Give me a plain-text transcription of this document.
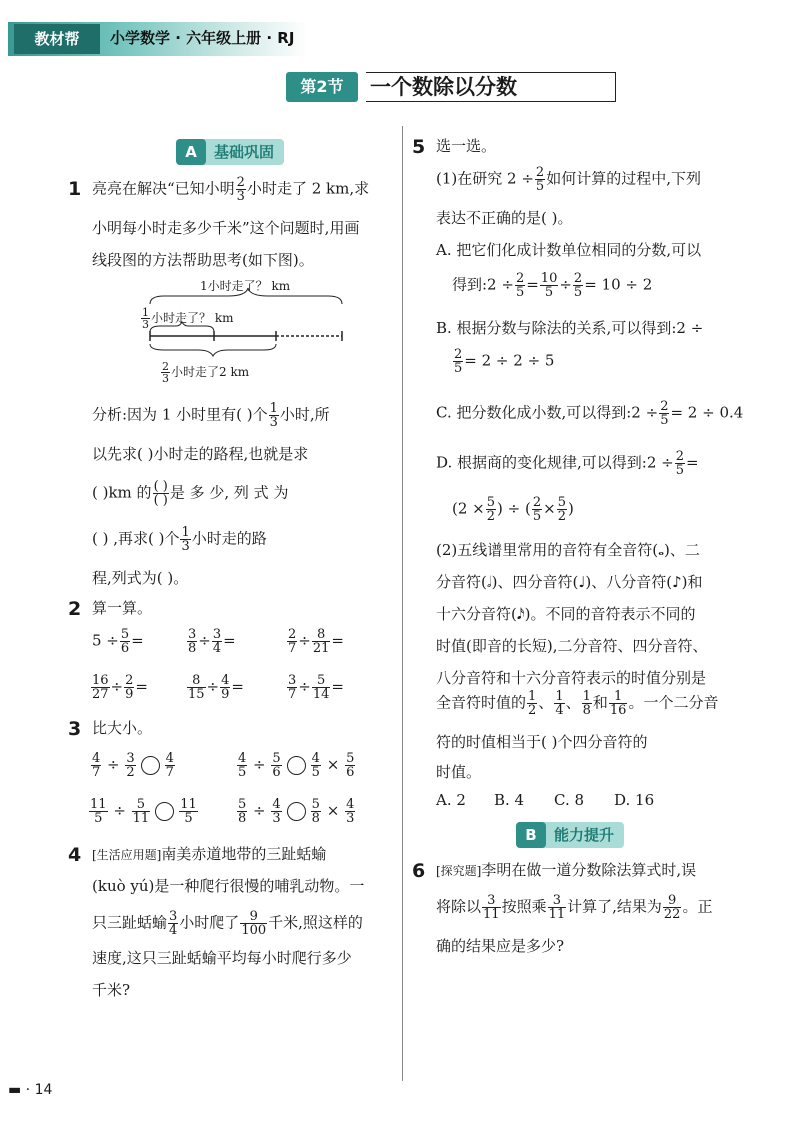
教材帮	小学数学 · 六年级上册 · RJ
第2节	一个数除以分数
A	基础巩固
1 亮亮在解决“已知小明 $\frac{2}{3}$ 小时走了 2 km,求
小明每小时走多少千米”这个问题时,用画
线段图的方法帮助思考(如下图)。
1小时走了？ km
$\frac{1}{3}$ 小时走了？ km
$\frac{2}{3}$ 小时走了2 km
分析:因为 1 小时里有( )个 $\frac{1}{3}$ 小时,所
以先求( )小时走的路程,也就是求
( )km 的 $\frac{( )}{( )}$ 是 多 少, 列 式 为
( ) ,再求( )个 $\frac{1}{3}$ 小时走的路
程,列式为( )。
2 算一算。
$5 \div \frac{5}{6}$ =	$\frac{3}{8} \div \frac{3}{4}$ =	$\frac{2}{7} \div \frac{8}{21}$ =
$\frac{16}{27} \div \frac{2}{9}$ =	$\frac{8}{15} \div \frac{4}{9}$ =	$\frac{3}{7} \div \frac{5}{14}$ =
3 比大小。
$\frac{4}{7} \div \frac{3}{2} \frac{4}{7}$	$\frac{4}{5} \div \frac{5}{6} \frac{4}{5} \times \frac{5}{6}$
$\frac{11}{5} \div \frac{5}{11} \frac{11}{5}$	$\frac{5}{8} \div \frac{4}{3} \frac{5}{8} \times \frac{4}{3}$
4 [生活应用题]南美赤道地带的三趾蛞蝓
(kuò yú)是一种爬行很慢的哺乳动物。一
只三趾蛞蝓 $\frac{3}{4}$ 小时爬了 $\frac{9}{100}$ 千米,照这样的
速度,这只三趾蛞蝓平均每小时爬行多少
千米?
5 选一选。
(1)在研究 $2 \div \frac{2}{5}$ 如何计算的过程中,下列
表达不正确的是( )。
A. 把它们化成计数单位相同的分数,可以
得到:2 ÷ $\frac{2}{5} = \frac{10}{5} \div \frac{2}{5} = 10 \div 2$
B. 根据分数与除法的关系,可以得到:2 ÷
$\frac{2}{5} = 2 \div 2 \div 5$
C. 把分数化成小数,可以得到:2 ÷ $\frac{2}{5} = 2 \div 0.4$
D. 根据商的变化规律,可以得到:2 ÷ $\frac{2}{5}$ =
($2 \times \frac{5}{2}$ ) ÷ ( $\frac{2}{5} \times \frac{5}{2}$ )
(2)五线谱里常用的音符有全音符(𝅝)、二
分音符(𝅗𝅥)、四分音符(♩)、八分音符(♪)和
十六分音符(𝅘𝅥𝅯)。不同的音符表示不同的
时值(即音的长短),二分音符、四分音符、
八分音符和十六分音符表示的时值分别是
全音符时值的 $\frac{1}{2}$ 、 $\frac{1}{4}$ 、 $\frac{1}{8}$ 和 $\frac{1}{16}$ 。一个二分音
符的时值相当于( )个四分音符的
时值。
A. 2 B. 4 C. 8 D. 16
B	能力提升
6 [探究题]李明在做一道分数除法算式时,误
将除以 $\frac{3}{11}$ 按照乘 $\frac{3}{11}$ 计算了,结果为 $\frac{9}{22}$ 。正
确的结果应是多少?
▬ · 14
